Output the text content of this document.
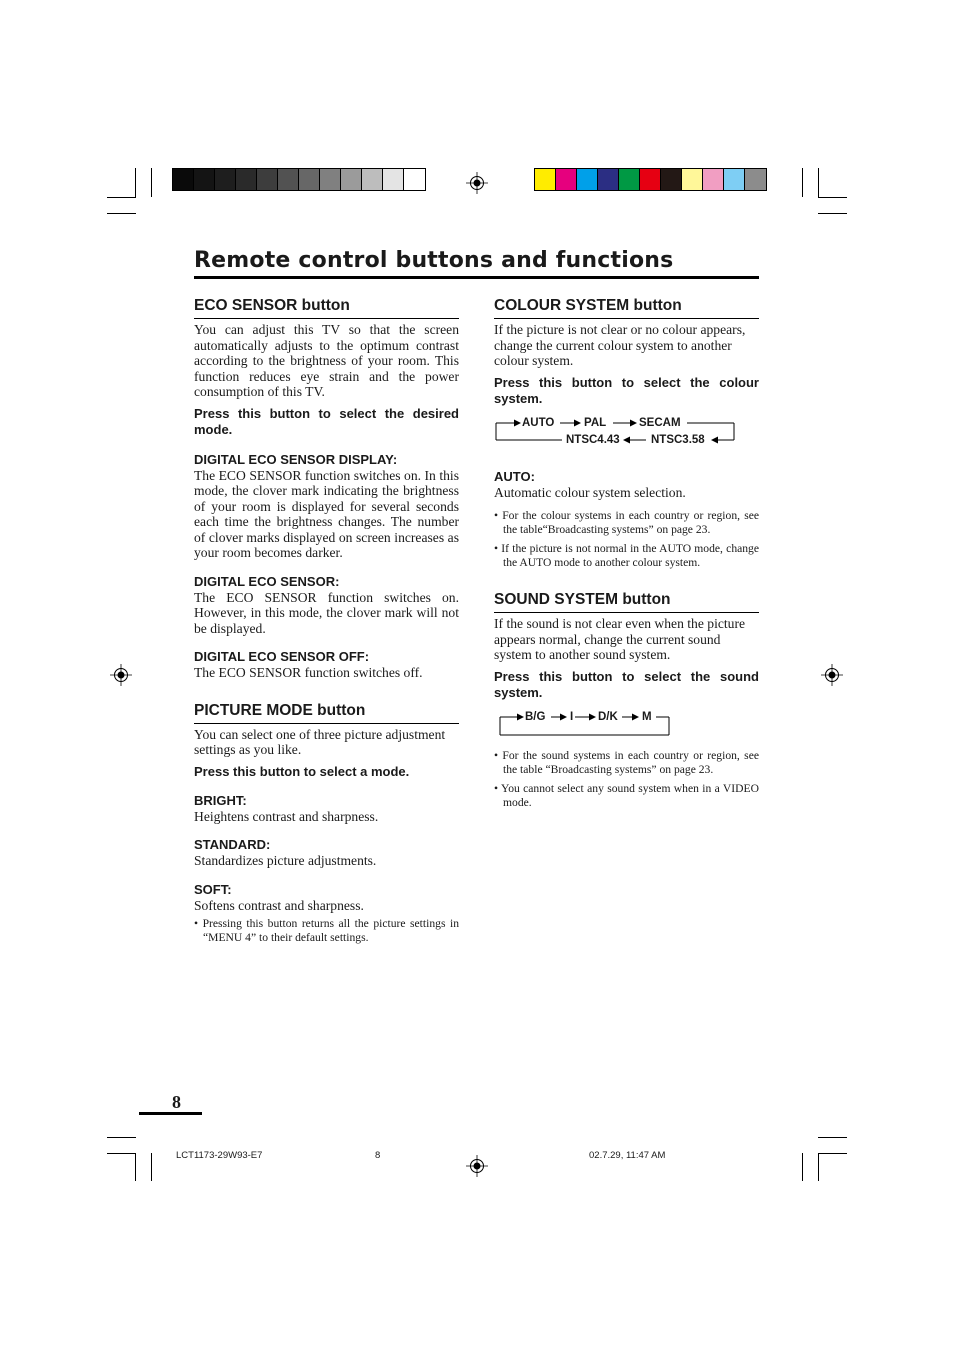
Remote control buttons and functions
ECO SENSOR button

You can adjust this TV so that the screen automatically adjusts to the optimum contrast according to the brightness of your room. This function reduces eye strain and the power consumption of this TV.

Press this button to select the desired mode.

DIGITAL ECO SENSOR DISPLAY:

The ECO SENSOR function switches on. In this mode, the clover mark indicating the brightness of your room is displayed for several seconds each time the brightness changes. The number of clover marks displayed on screen increases as your room becomes darker.

DIGITAL ECO SENSOR:

The ECO SENSOR function switches on. However, in this mode, the clover mark will not be displayed.

DIGITAL ECO SENSOR OFF:

The ECO SENSOR function switches off.

PICTURE MODE button

You can select one of three picture adjustment settings as you like.

Press this button to select a mode.

BRIGHT:

Heightens contrast and sharpness.

STANDARD:

Standardizes picture adjustments.

SOFT:

Softens contrast and sharpness.

• Pressing this button returns all the picture settings in “MENU 4” to their default settings.

COLOUR SYSTEM button

If the picture is not clear or no colour appears, change the current colour system to another colour system.

Press this button to select the colour system.

AUTO	PAL	SECAM
NTSC4.43	NTSC3.58

AUTO:

Automatic colour system selection.

• For the colour systems in each country or region, see the table“Broadcasting systems” on page 23.

• If the picture is not normal in the AUTO mode, change the AUTO mode to another colour system.

SOUND SYSTEM button

If the sound is not clear even when the picture appears normal, change the current sound system to another sound system.

Press this button to select the sound system.

B/G I D/K M

• For the sound systems in each country or region, see the table “Broadcasting systems” on page 23.

• You cannot select any sound system when in a VIDEO mode.

8
LCT1173-29W93-E7	8	02.7.29, 11:47 AM
